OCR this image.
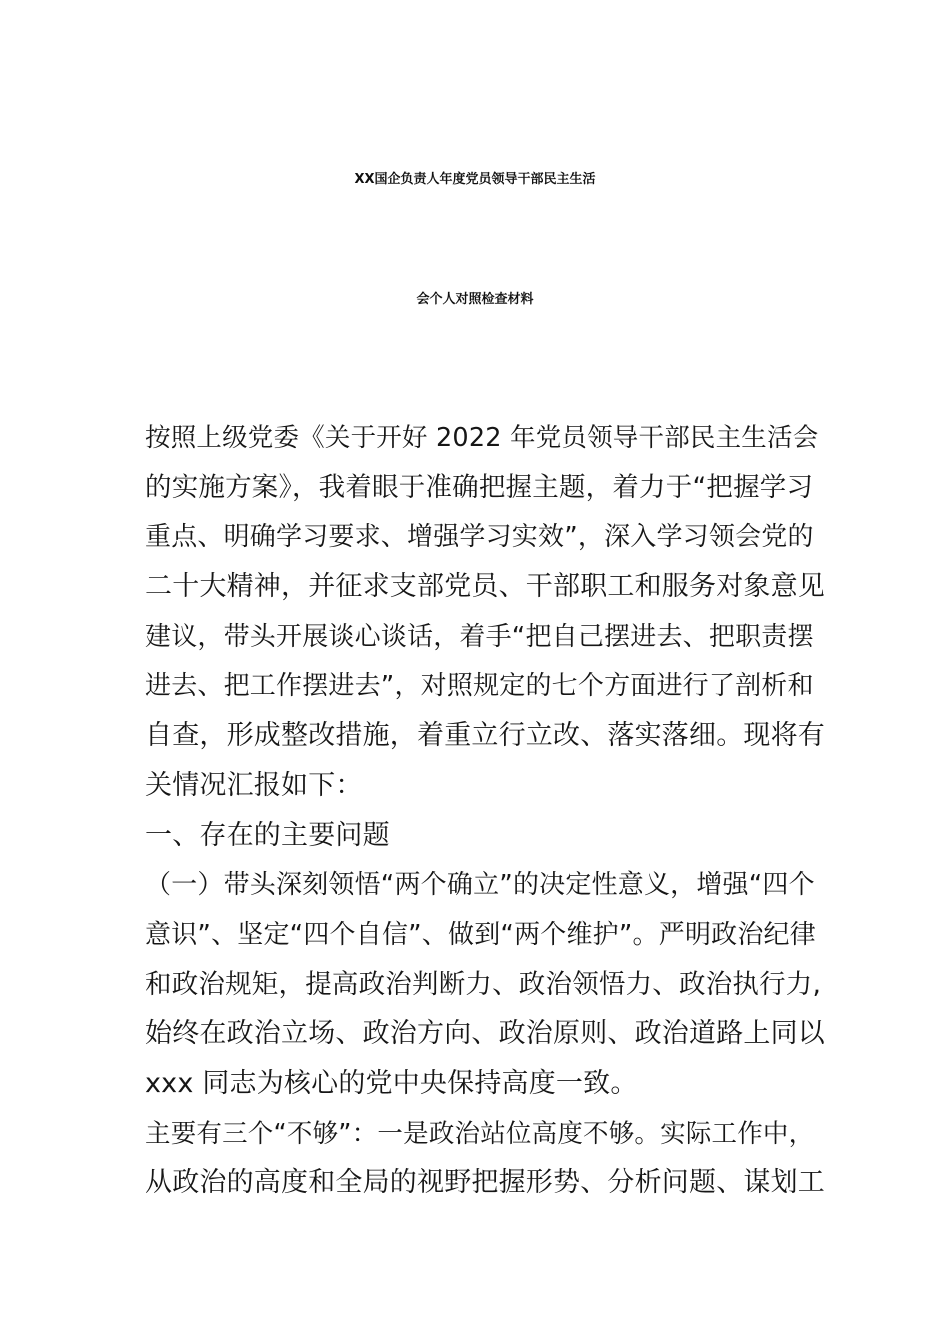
XX国企负责人年度党员领导干部民主生活
会个人对照检查材料
按照上级党委《关于开好 2022 年党员领导干部民主生活会
的实施方案》，我着眼于准确把握主题，着力于“把握学习
重点、明确学习要求、增强学习实效”，深入学习领会党的
二十大精神，并征求支部党员、干部职工和服务对象意见
建议，带头开展谈心谈话，着手“把自己摆进去、把职责摆
进去、把工作摆进去”，对照规定的七个方面进行了剖析和
自查，形成整改措施，着重立行立改、落实落细。现将有
关情况汇报如下：
一、存在的主要问题
（一）带头深刻领悟“两个确立”的决定性意义，增强“四个
意识”、坚定“四个自信”、做到“两个维护”。严明政治纪律
和政治规矩，提高政治判断力、政治领悟力、政治执行力,
始终在政治立场、政治方向、政治原则、政治道路上同以
xxx 同志为核心的党中央保持高度一致。
主要有三个“不够”：一是政治站位高度不够。实际工作中，
从政治的高度和全局的视野把握形势、分析问题、谋划工
